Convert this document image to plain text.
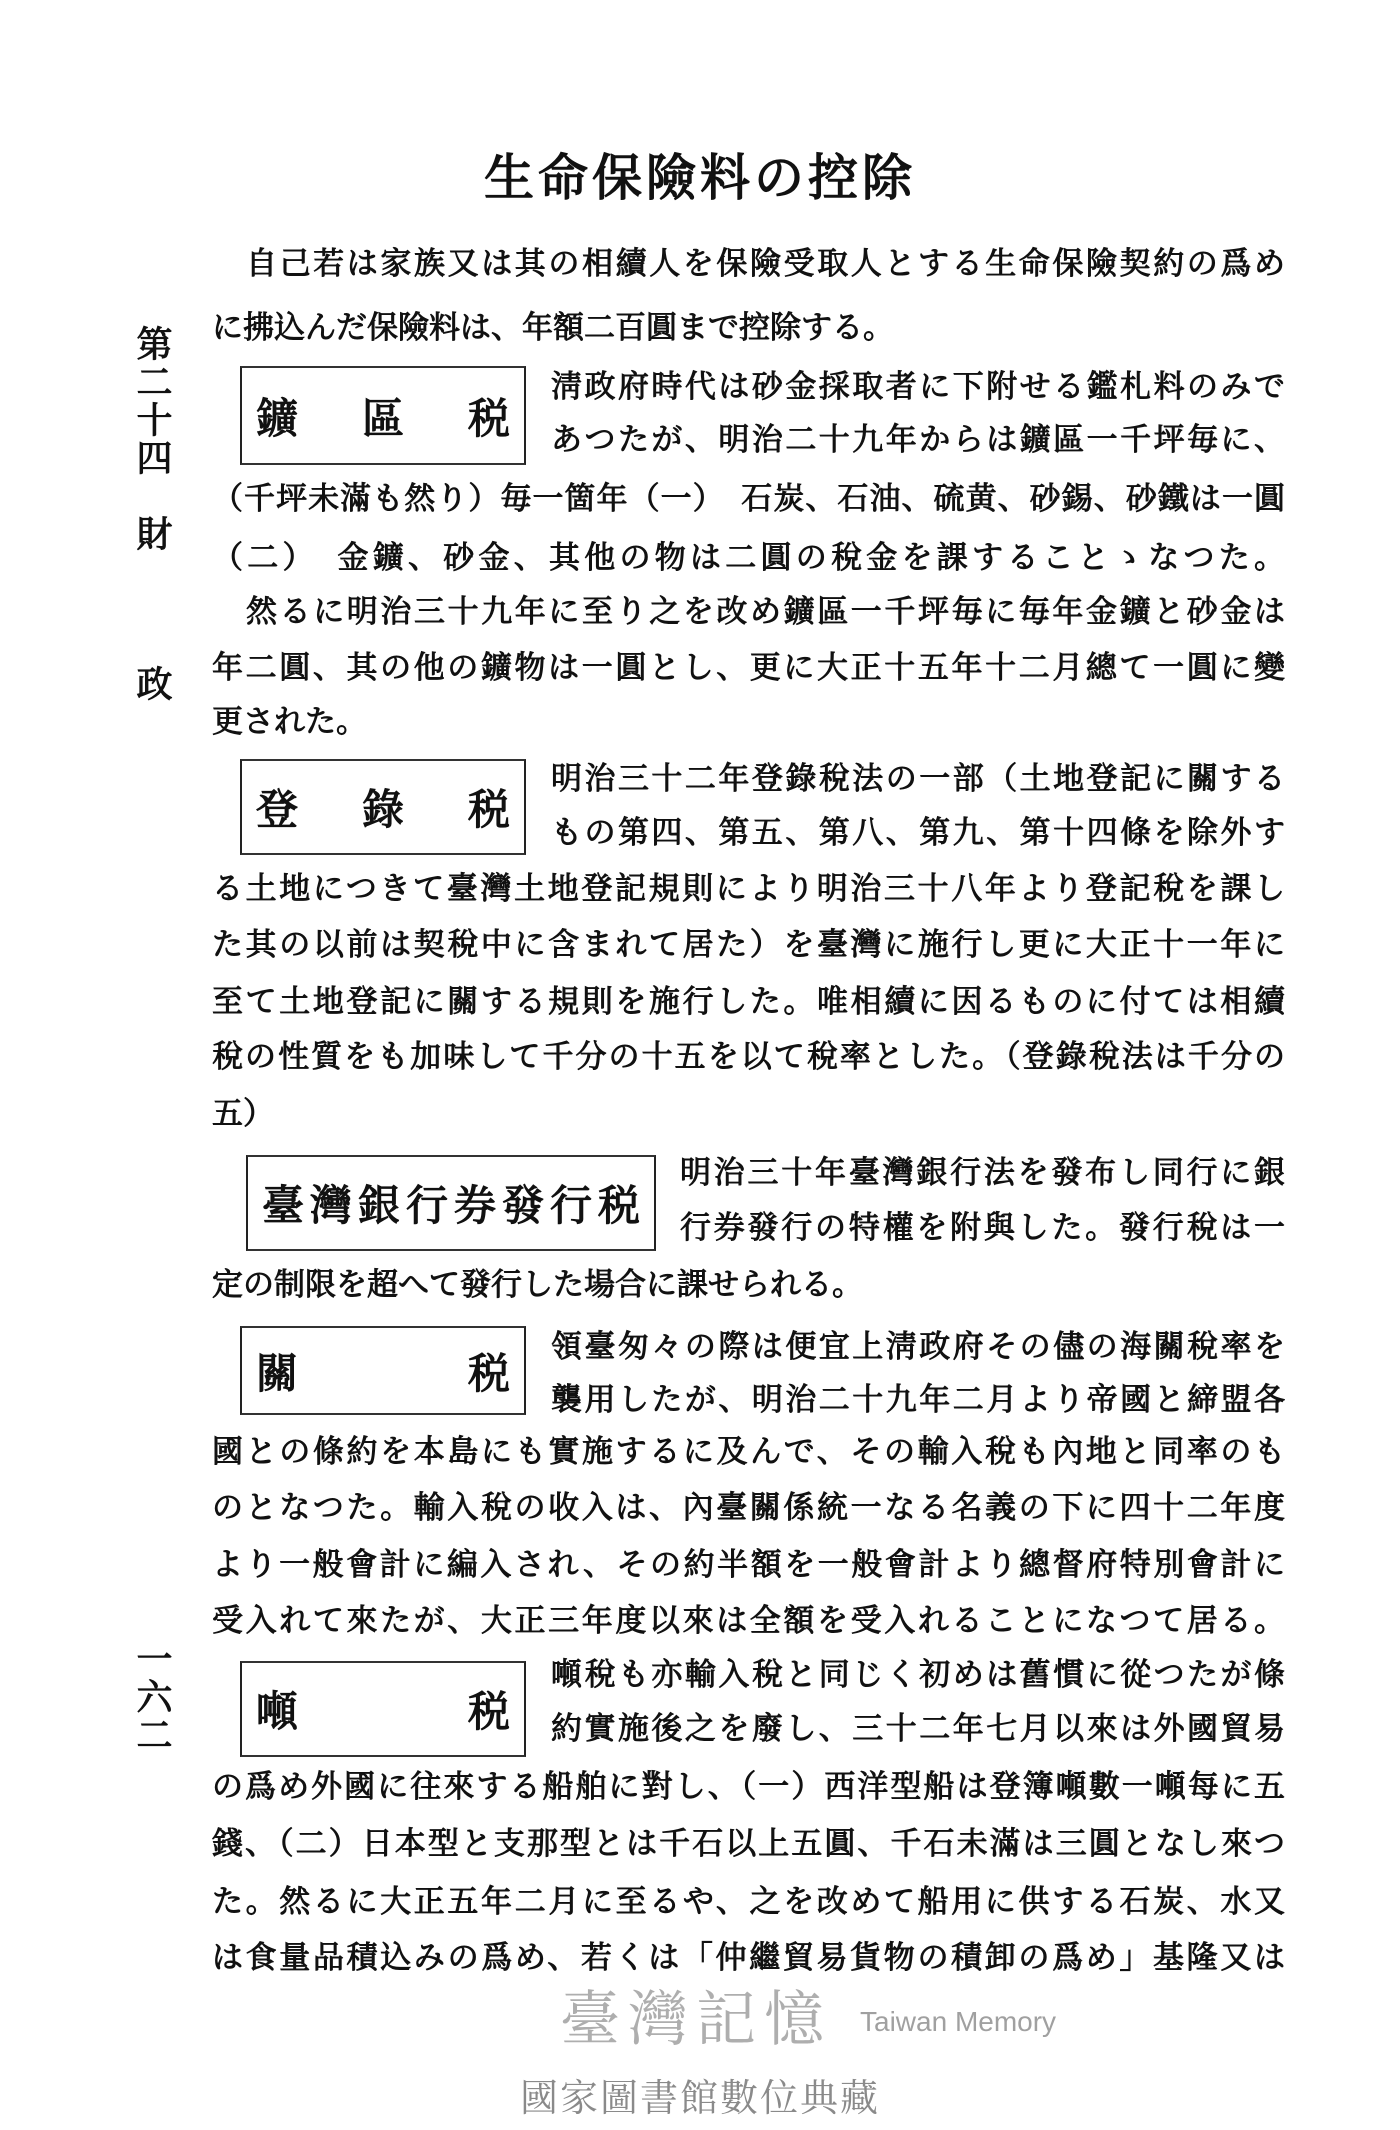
生命保險料の控除
第二十四　財
政
一六二
自己若は家族又は其の相續人を保險受取人とする生命保險契約の爲め
に拂込んだ保險料は、年額二百圓まで控除する。
鑛區税
淸政府時代は砂金採取者に下附せる鑑札料のみで
あつたが、明治二十九年からは鑛區一千坪毎に、
（千坪未滿も然り）毎一箇年（一）　石炭、石油、硫黄、砂錫、砂鐵は一圓
（二）　金鑛、砂金、其他の物は二圓の稅金を課することゝなつた。
然るに明治三十九年に至り之を改め鑛區一千坪毎に毎年金鑛と砂金は
年二圓、其の他の鑛物は一圓とし、更に大正十五年十二月總て一圓に變
更された。
登錄税
明治三十二年登錄稅法の一部（土地登記に關する
もの第四、第五、第八、第九、第十四條を除外す
る土地につきて臺灣土地登記規則により明治三十八年より登記稅を課し
た其の以前は契稅中に含まれて居た）を臺灣に施行し更に大正十一年に
至て土地登記に關する規則を施行した。唯相續に因るものに付ては相續
稅の性質をも加味して千分の十五を以て稅率とした。（登錄稅法は千分の
五）
臺灣銀行券發行税
明治三十年臺灣銀行法を發布し同行に銀
行券發行の特權を附與した。發行稅は一
定の制限を超へて發行した場合に課せられる。
關税
領臺匆々の際は便宜上淸政府その儘の海關稅率を
襲用したが、明治二十九年二月より帝國と締盟各
國との條約を本島にも實施するに及んで、その輸入稅も內地と同率のも
のとなつた。輸入稅の收入は、內臺關係統一なる名義の下に四十二年度
より一般會計に編入され、その約半額を一般會計より總督府特別會計に
受入れて來たが、大正三年度以來は全額を受入れることになつて居る。
噸税
噸稅も亦輸入稅と同じく初めは舊慣に從つたが條
約實施後之を廢し、三十二年七月以來は外國貿易
の爲め外國に往來する船舶に對し、（一）西洋型船は登簿噸數一噸每に五
錢、（二）日本型と支那型とは千石以上五圓、千石未滿は三圓となし來つ
た。然るに大正五年二月に至るや、之を改めて船用に供する石炭、水又
は食量品積込みの爲め、若くは「仲繼貿易貨物の積卸の爲め」基隆又は
臺灣記憶 Taiwan Memory
國家圖書館數位典藏
